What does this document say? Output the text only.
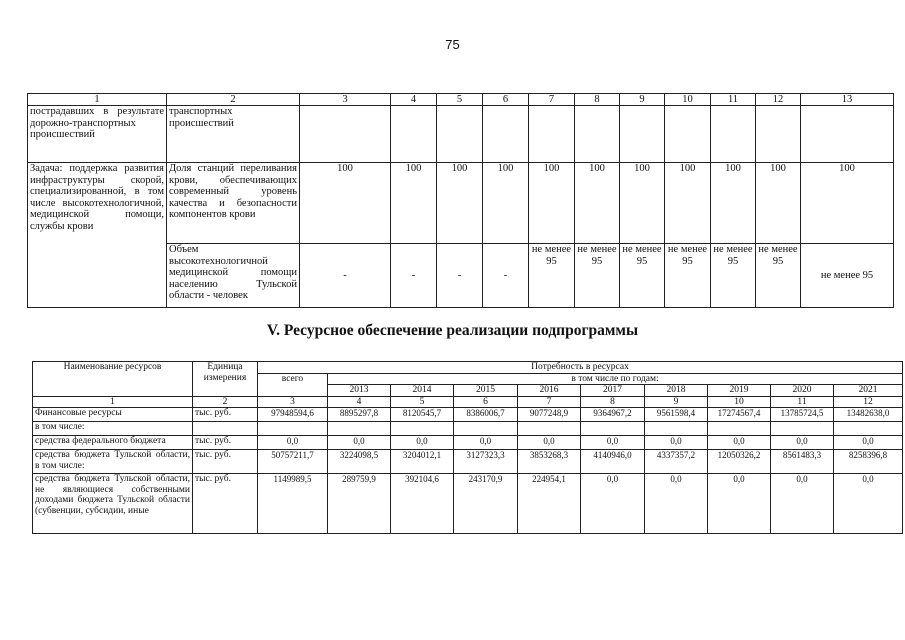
75
1	2	3	4	5	6	7	8	9	10	11	12	13
пострадавших в результате дорожно-транспортных происшествий	транспортных происшествий											
Задача: поддержка развития инфраструктуры скорой, специализированной, в том числе высокотехнологичной, медицинской помощи, службы крови	Доля станций переливания крови, обеспечивающих современный уровень качества и безопасности компонентов крови	100	100	100	100	100	100	100	100	100	100	100
	Объем высокотехнологичной медицинской помощи населению Тульской области - человек	-	-	-	-	не менее 95	не менее 95	не менее 95	не менее 95	не менее 95	не менее 95	не менее 95
V. Ресурсное обеспечение реализации подпрограммы
Наименование ресурсов	Единица измерения	Потребность в ресурсах									
		всего	в том числе по годам:								
			2013	2014	2015	2016	2017	2018	2019	2020	2021
1	2	3	4	5	6	7	8	9	10	11	12
Финансовые ресурсы	тыс. руб.	97948594,6	8895297,8	8120545,7	8386006,7	9077248,9	9364967,2	9561598,4	17274567,4	13785724,5	13482638,0
в том числе:											
средства федерального бюджета	тыс. руб.	0,0	0,0	0,0	0,0	0,0	0,0	0,0	0,0	0,0	0,0
средства бюджета Тульской области, в том числе:	тыс. руб.	50757211,7	3224098,5	3204012,1	3127323,3	3853268,3	4140946,0	4337357,2	12050326,2	8561483,3	8258396,8
средства бюджета Тульской области, не являющиеся собственными доходами бюджета Тульской области (субвенции, субсидии, иные	тыс. руб.	1149989,5	289759,9	392104,6	243170,9	224954,1	0,0	0,0	0,0	0,0	0,0
